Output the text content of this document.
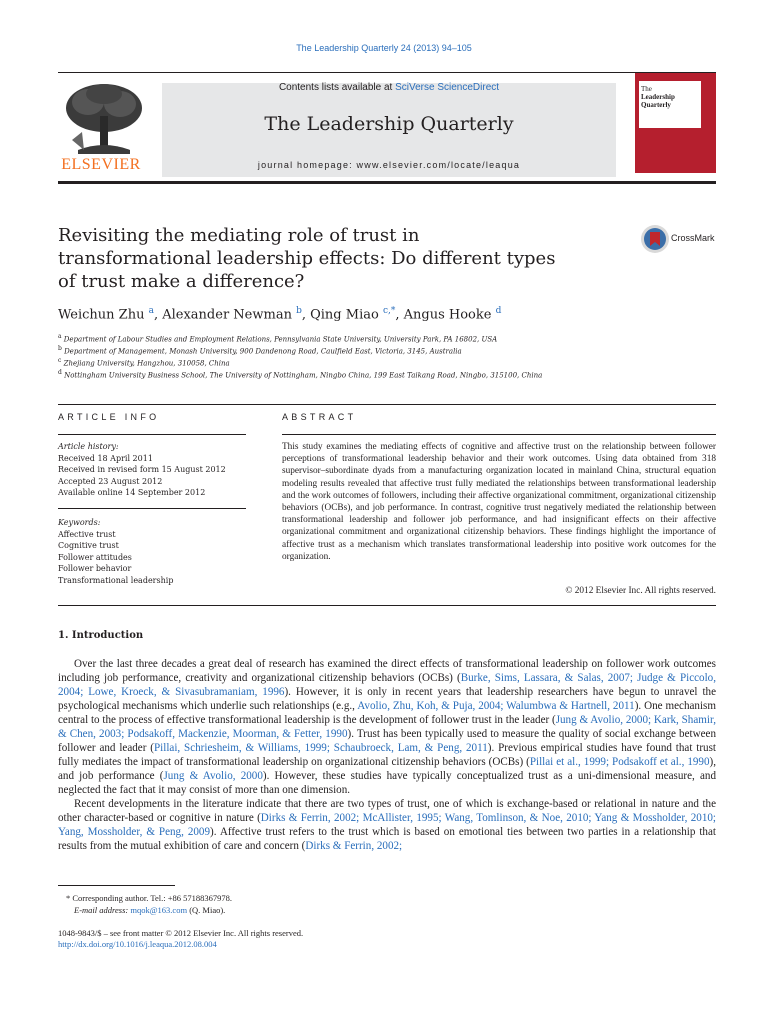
The Leadership Quarterly 24 (2013) 94–105
ELSEVIER
Contents lists available at SciVerse ScienceDirect
The Leadership Quarterly
journal homepage: www.elsevier.com/locate/leaqua
The
Leadership
Quarterly
Revisiting the mediating role of trust in transformational leadership effects: Do different types of trust make a difference?
CrossMark
Weichun Zhu $^a$, Alexander Newman $^b$, Qing Miao $^{c,*}$, Angus Hooke $^d$
$^a$ Department of Labour Studies and Employment Relations, Pennsylvania State University, University Park, PA 16802, USA
$^b$ Department of Management, Monash University, 900 Dandenong Road, Caulfield East, Victoria, 3145, Australia
$^c$ Zhejiang University, Hangzhou, 310058, China
$^d$ Nottingham University Business School, The University of Nottingham, Ningbo China, 199 East Taikang Road, Ningbo, 315100, China
ARTICLE INFO	ABSTRACT
Article history:
Received 18 April 2011
Received in revised form 15 August 2012
Accepted 23 August 2012
Available online 14 September 2012
Keywords:
Affective trust
Cognitive trust
Follower attitudes
Follower behavior
Transformational leadership
This study examines the mediating effects of cognitive and affective trust on the relationship between follower perceptions of transformational leadership behavior and their work outcomes. Using data obtained from 318 supervisor–subordinate dyads from a manufacturing organization located in mainland China, structural equation modeling results revealed that affective trust fully mediated the relationships between transformational leadership and the work outcomes of followers, including their affective organizational commitment, organizational citizenship behaviors (OCBs), and job performance. In contrast, cognitive trust negatively mediated the relationship between transformational leadership and follower job performance, and had insignificant effects on their affective organizational commitment and organizational citizenship behaviors. These findings highlight the importance of affective trust as a mechanism which translates transformational leadership into positive work outcomes for the organization.
© 2012 Elsevier Inc. All rights reserved.
1. Introduction

Over the last three decades a great deal of research has examined the direct effects of transformational leadership on follower work outcomes including job performance, creativity and organizational citizenship behaviors (OCBs) (Burke, Sims, Lassara, & Salas, 2007; Judge & Piccolo, 2004; Lowe, Kroeck, & Sivasubramaniam, 1996). However, it is only in recent years that leadership researchers have begun to unravel the psychological mechanisms which underlie such relationships (e.g., Avolio, Zhu, Koh, & Puja, 2004; Walumbwa & Hartnell, 2011). One mechanism central to the process of effective transformational leadership is the development of follower trust in the leader (Jung & Avolio, 2000; Kark, Shamir, & Chen, 2003; Podsakoff, Mackenzie, Moorman, & Fetter, 1990). Trust has been typically used to measure the quality of social exchange between follower and leader (Pillai, Schriesheim, & Williams, 1999; Schaubroeck, Lam, & Peng, 2011). Previous empirical studies have found that trust fully mediates the impact of transformational leadership on organizational citizenship behaviors (OCBs) (Pillai et al., 1999; Podsakoff et al., 1990), and job performance (Jung & Avolio, 2000). However, these studies have typically conceptualized trust as a uni-dimensional measure, and neglected the fact that it may consist of more than one dimension.

Recent developments in the literature indicate that there are two types of trust, one of which is exchange-based or relational in nature and the other character-based or cognitive in nature (Dirks & Ferrin, 2002; McAllister, 1995; Wang, Tomlinson, & Noe, 2010; Yang & Mossholder, 2010; Yang, Mossholder, & Peng, 2009). Affective trust refers to the trust which is based on emotional ties between two parties in a relationship that results from the mutual exhibition of care and concern (Dirks & Ferrin, 2002;

* Corresponding author. Tel.: +86 57188367978.
E-mail address: mqok@163.com (Q. Miao).
1048-9843/$ – see front matter © 2012 Elsevier Inc. All rights reserved.
http://dx.doi.org/10.1016/j.leaqua.2012.08.004
